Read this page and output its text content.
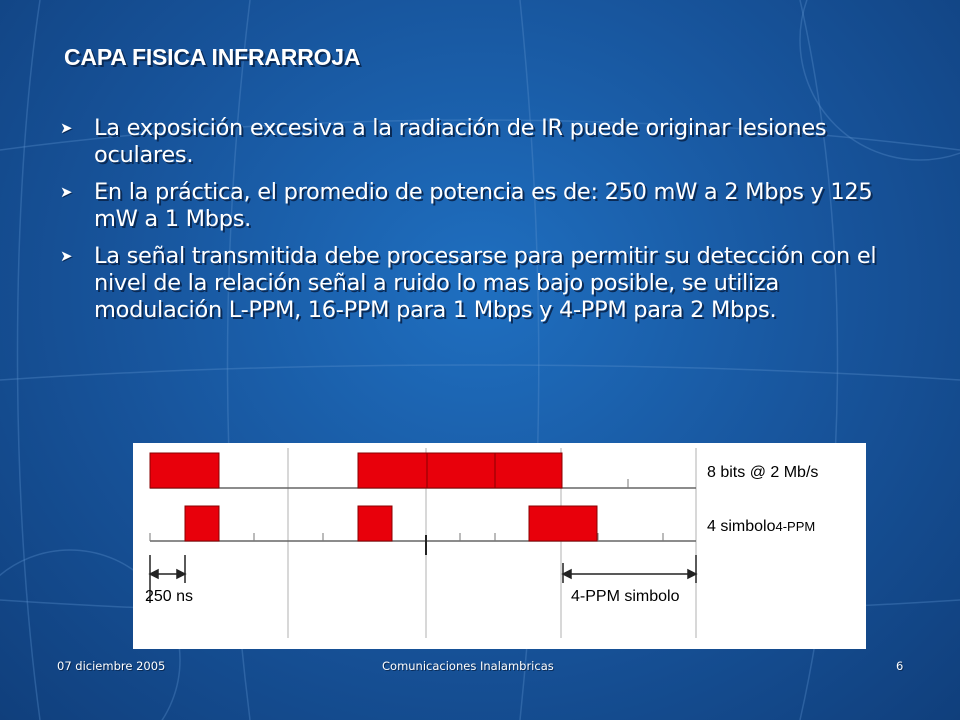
CAPA FISICA INFRARROJA
➤ La exposición excesiva a la radiación de IR puede originar lesiones oculares.
➤ En la práctica, el promedio de potencia es de: 250 mW a 2 Mbps y 125 mW a 1 Mbps.
➤ La señal transmitida debe procesarse para permitir su detección con el nivel de la relación señal a ruido lo mas bajo posible, se utiliza modulación L-PPM, 16-PPM para 1 Mbps y 4-PPM para 2 Mbps.
8 bits @ 2 Mb/s
4 simbolo4-PPM
250 ns	4-PPM simbolo
07 diciembre 2005	Comunicaciones Inalambricas	6
